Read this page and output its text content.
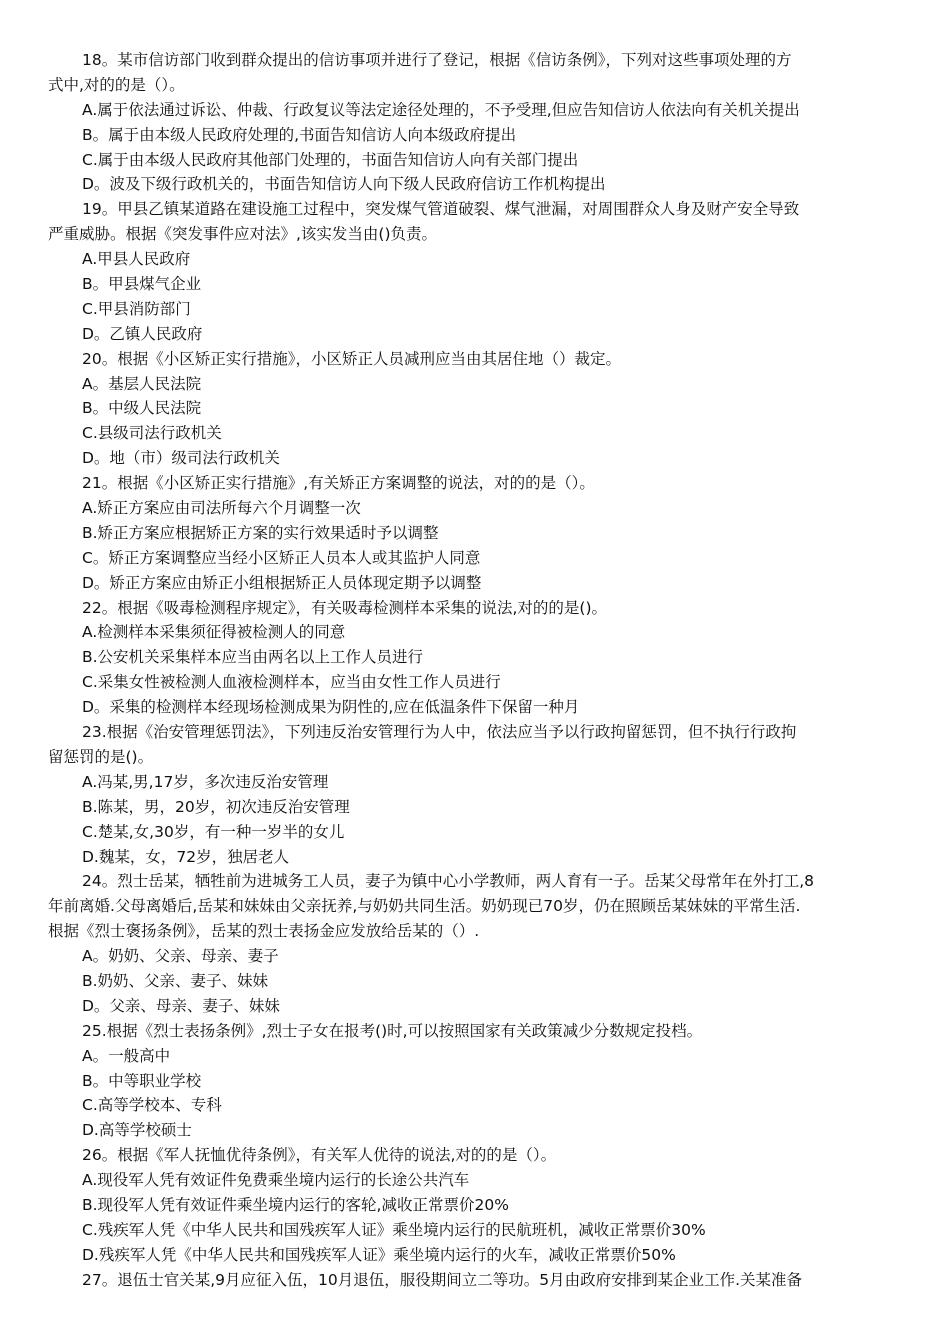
18。某市信访部门收到群众提出的信访事项并进行了登记，根据《信访条例》，下列对这些事项处理的方
式中,对的的是（）。
A.属于依法通过诉讼、仲裁、行政复议等法定途径处理的，不予受理,但应告知信访人依法向有关机关提出
B。属于由本级人民政府处理的,书面告知信访人向本级政府提出
C.属于由本级人民政府其他部门处理的，书面告知信访人向有关部门提出
D。波及下级行政机关的，书面告知信访人向下级人民政府信访工作机构提出
19。甲县乙镇某道路在建设施工过程中，突发煤气管道破裂、煤气泄漏，对周围群众人身及财产安全导致
严重威胁。根据《突发事件应对法》,该实发当由()负责。
A.甲县人民政府
B。甲县煤气企业
C.甲县消防部门
D。乙镇人民政府
20。根据《小区矫正实行措施》，小区矫正人员减刑应当由其居住地（）裁定。
A。基层人民法院
B。中级人民法院
C.县级司法行政机关
D。地（市）级司法行政机关
21。根据《小区矫正实行措施》,有关矫正方案调整的说法，对的的是（）。
A.矫正方案应由司法所每六个月调整一次
B.矫正方案应根据矫正方案的实行效果适时予以调整
C。矫正方案调整应当经小区矫正人员本人或其监护人同意
D。矫正方案应由矫正小组根据矫正人员体现定期予以调整
22。根据《吸毒检测程序规定》，有关吸毒检测样本采集的说法,对的的是()。
A.检测样本采集须征得被检测人的同意
B.公安机关采集样本应当由两名以上工作人员进行
C.采集女性被检测人血液检测样本，应当由女性工作人员进行
D。采集的检测样本经现场检测成果为阴性的,应在低温条件下保留一种月
23.根据《治安管理惩罚法》，下列违反治安管理行为人中，依法应当予以行政拘留惩罚，但不执行行政拘
留惩罚的是()。
A.冯某,男,17岁，多次违反治安管理
B.陈某，男，20岁，初次违反治安管理
C.楚某,女,30岁，有一种一岁半的女儿
D.魏某，女，72岁，独居老人
24。烈士岳某，牺牲前为进城务工人员，妻子为镇中心小学教师，两人育有一子。岳某父母常年在外打工,8
年前离婚.父母离婚后,岳某和妹妹由父亲抚养,与奶奶共同生活。奶奶现已70岁，仍在照顾岳某妹妹的平常生活.
根据《烈士褒扬条例》，岳某的烈士表扬金应发放给岳某的（）.
A。奶奶、父亲、母亲、妻子
B.奶奶、父亲、妻子、妹妹
D。父亲、母亲、妻子、妹妹
25.根据《烈士表扬条例》,烈士子女在报考()时,可以按照国家有关政策减少分数规定投档。
A。一般高中
B。中等职业学校
C.高等学校本、专科
D.高等学校硕士
26。根据《军人抚恤优待条例》，有关军人优待的说法,对的的是（）。
A.现役军人凭有效证件免费乘坐境内运行的长途公共汽车
B.现役军人凭有效证件乘坐境内运行的客轮,减收正常票价20%
C.残疾军人凭《中华人民共和国残疾军人证》乘坐境内运行的民航班机，减收正常票价30%
D.残疾军人凭《中华人民共和国残疾军人证》乘坐境内运行的火车，减收正常票价50%
27。退伍士官关某,9月应征入伍，10月退伍，服役期间立二等功。5月由政府安排到某企业工作.关某准备
